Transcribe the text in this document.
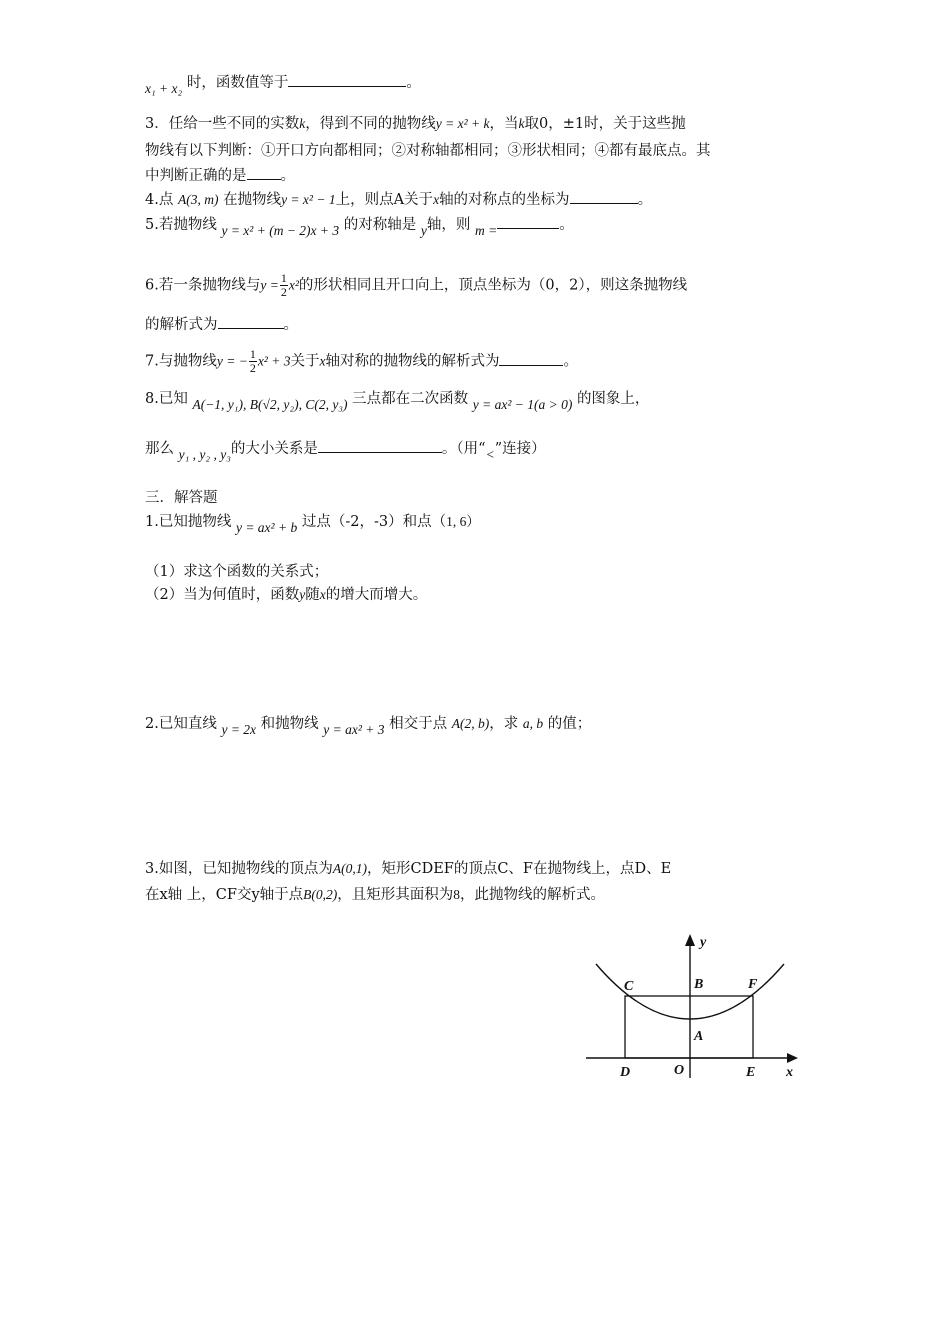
x₁ + x₂ 时，函数值等于	。
3．任给一些不同的实数k，得到不同的抛物线y = x² + k，当k取0，±1时，关于这些抛
物线有以下判断：①开口方向都相同；②对称轴都相同；③形状相同；④都有最底点。其
中判断正确的是 。
4.点 A(3, m) 在抛物线y = x² − 1上，则点A关于x轴的对称点的坐标为	。
5.若抛物线 y = x² + (m − 2)x + 3 的对称轴是 y轴，则 m =	。
6.若一条抛物线与$y = \frac{1}{2} x^2$的形状相同且开口向上，顶点坐标为（0，2），则这条抛物线
的解析式为	。
7.与抛物线y = − $\frac{1}{2} x^2 + 3$关于x轴对称的抛物线的解析式为	。
8.已知 A(−1, y₁), B(√2, y₂), C(2, y₃) 三点都在二次函数 y = ax² − 1(a > 0) 的图象上，
那么 y₁ , y₂ , y₃的大小关系是	。（用“<”连接）
三．解答题
1.已知抛物线 y = ax² + b 过点（-2，-3）和点（1, 6）
（1）求这个函数的关系式；
（2）当为何值时，函数y随x的增大而增大。
2.已知直线 y = 2x 和抛物线 y = ax² + 3 相交于点 A(2, b)，求 a, b 的值；
3.如图，已知抛物线的顶点为A(0,1)，矩形CDEF的顶点C、F在抛物线上，点D、E
在x轴 上，CF交y轴于点B(0,2)，且矩形其面积为8，此抛物线的解析式。
y
C	B	F
A
D	O	E x
